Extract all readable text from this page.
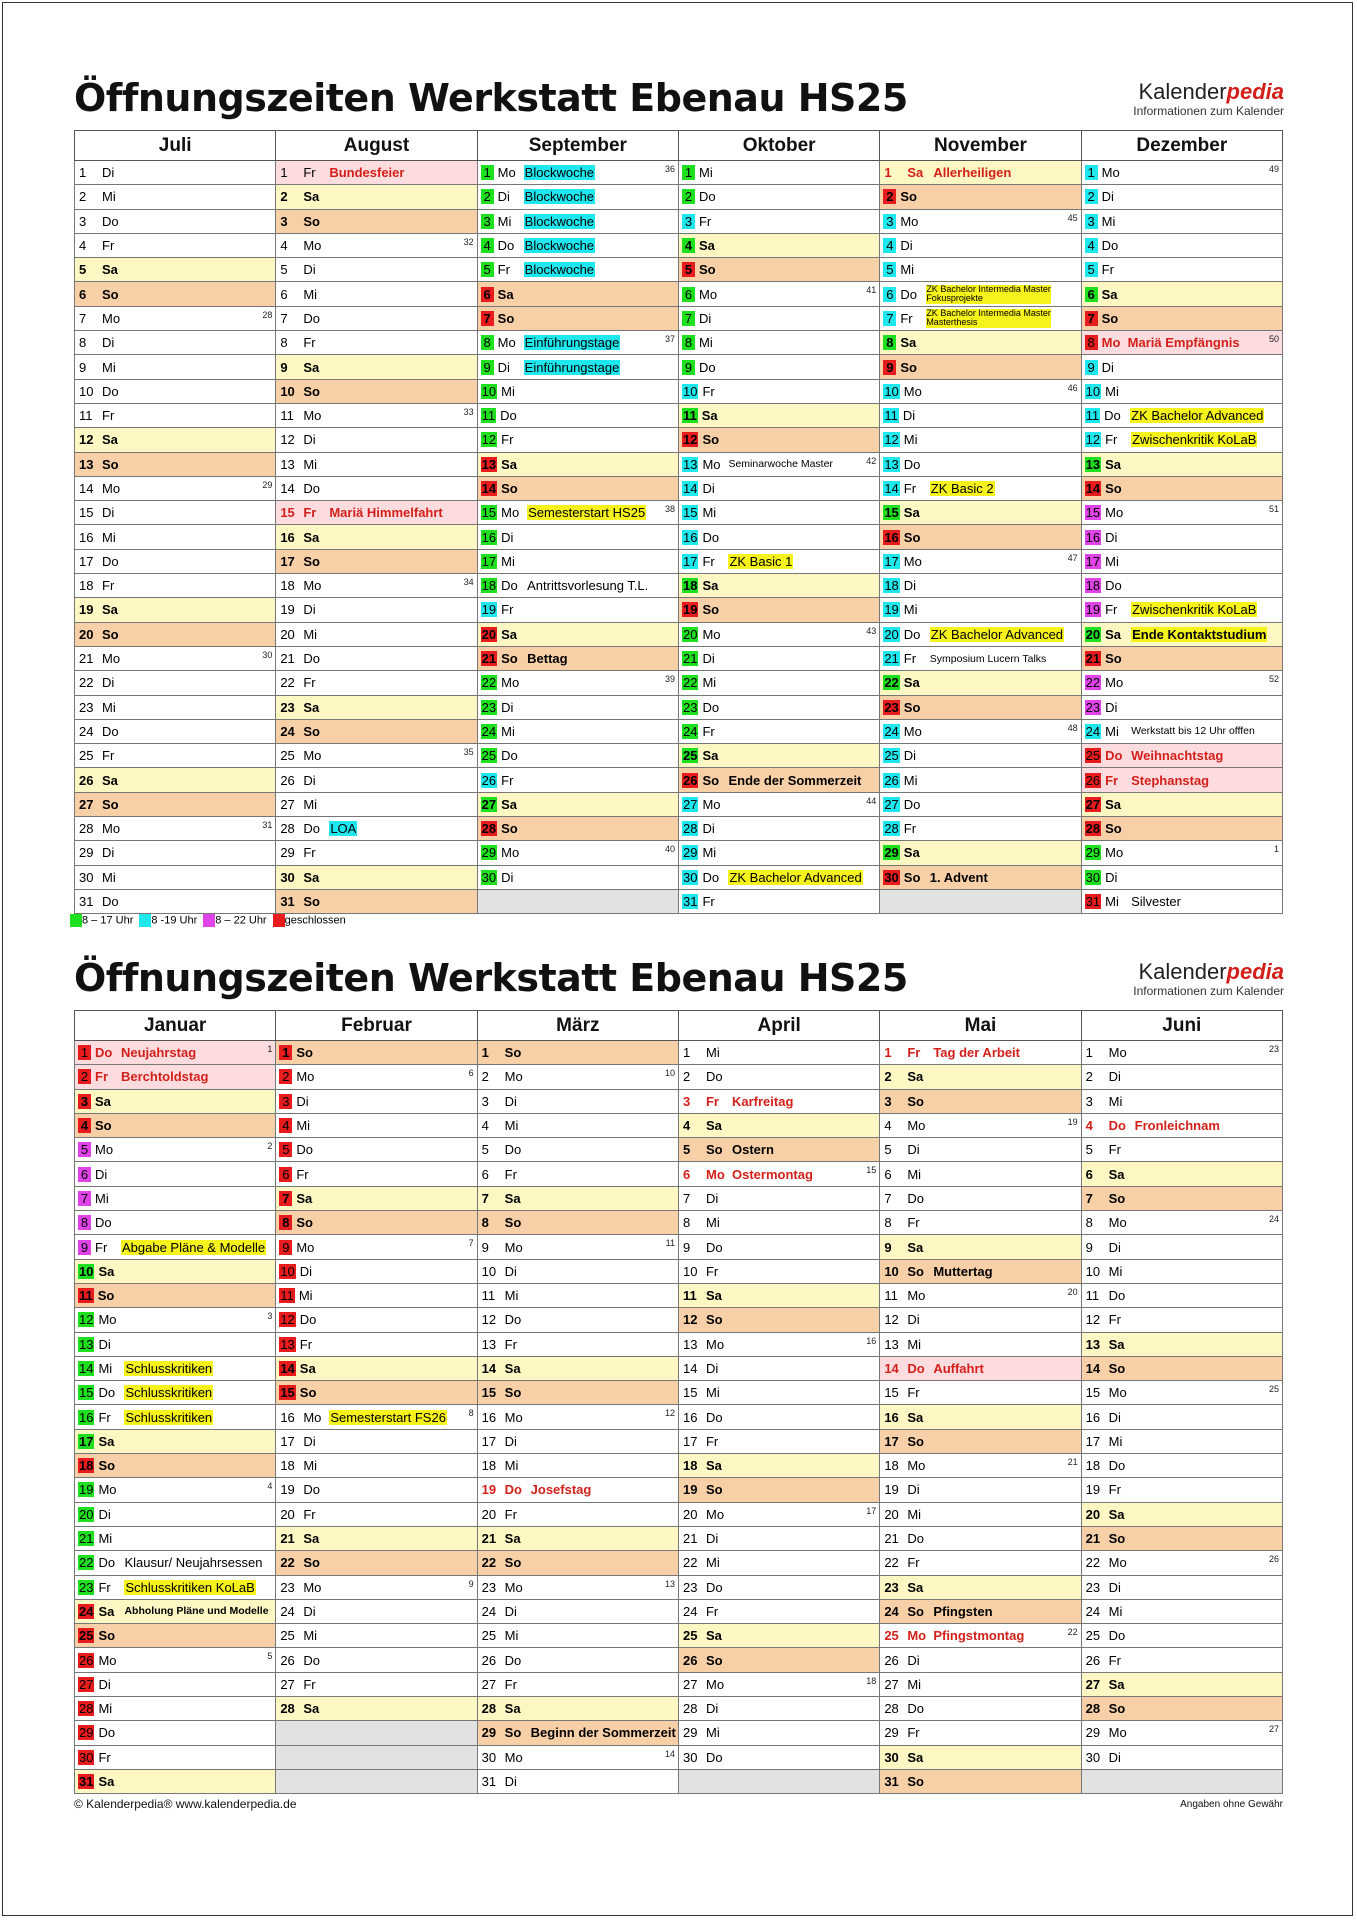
Öffnungszeiten Werkstatt Ebenau HS25	Kalenderpedia
Informationen zum Kalender
Juli	August	September	Oktober	November	Dezember

1 Di	1 Fr Bundesfeier	1 Mo Blockwoche 36	1 Mi	1 Sa Allerheiligen	1 Mo 49

2 Mi	2 Sa	2 Di Blockwoche	2 Do	2 So	2 Di

3 Do	3 So	3 Mi Blockwoche	3 Fr	3 Mo 45	3 Mi

4 Fr	4 Mo 32	4 Do Blockwoche	4 Sa	4 Di	4 Do

5 Sa	5 Di	5 Fr Blockwoche	5 So	5 Mi	5 Fr

6 So	6 Mi	6 Sa	6 Mo 41	6 Do ZK Bachelor Intermedia Master Fokusprojekte	6 Sa

7 Mo 28	7 Do	7 So	7 Di	7 Fr ZK Bachelor Intermedia Master Masterthesis	7 So

8 Di	8 Fr	8 Mo Einführungstage 37	8 Mi	8 Sa	8 Mo Mariä Empfängnis 50

9 Mi	9 Sa	9 Di Einführungstage	9 Do	9 So	9 Di

10 Do	10 So	10 Mi	10 Fr	10 Mo 46	10 Mi

11 Fr	11 Mo 33	11 Do	11 Sa	11 Di	11 Do ZK Bachelor Advanced

12 Sa	12 Di	12 Fr	12 So	12 Mi	12 Fr Zwischenkritik KoLaB

13 So	13 Mi	13 Sa	13 Mo Seminarwoche Master 42	13 Do	13 Sa

14 Mo 29	14 Do	14 So	14 Di	14 Fr ZK Basic 2	14 So

15 Di	15 Fr Mariä Himmelfahrt	15 Mo Semesterstart HS25 38	15 Mi	15 Sa	15 Mo 51

16 Mi	16 Sa	16 Di	16 Do	16 So	16 Di

17 Do	17 So	17 Mi	17 Fr ZK Basic 1	17 Mo 47	17 Mi

18 Fr	18 Mo 34	18 Do Antrittsvorlesung T.L.	18 Sa	18 Di	18 Do

19 Sa	19 Di	19 Fr	19 So	19 Mi	19 Fr Zwischenkritik KoLaB

20 So	20 Mi	20 Sa	20 Mo 43	20 Do ZK Bachelor Advanced	20 Sa Ende Kontaktstudium

21 Mo 30	21 Do	21 So Bettag	21 Di	21 Fr Symposium Lucern Talks	21 So

22 Di	22 Fr	22 Mo 39	22 Mi	22 Sa	22 Mo 52

23 Mi	23 Sa	23 Di	23 Do	23 So	23 Di

24 Do	24 So	24 Mi	24 Fr	24 Mo 48	24 Mi Werkstatt bis 12 Uhr offfen

25 Fr	25 Mo 35	25 Do	25 Sa	25 Di	25 Do Weihnachtstag

26 Sa	26 Di	26 Fr	26 So Ende der Sommerzeit	26 Mi	26 Fr Stephanstag

27 So	27 Mi	27 Sa	27 Mo 44	27 Do	27 Sa

28 Mo 31	28 Do LOA	28 So	28 Di	28 Fr	28 So

29 Di	29 Fr	29 Mo 40	29 Mi	29 Sa	29 Mo 1

30 Mi	30 Sa	30 Di	30 Do ZK Bachelor Advanced	30 So 1. Advent	30 Di

31 Do	31 So		31 Fr		31 Mi Silvester
8 – 17 Uhr	8 -19 Uhr	8 – 22 Uhr	geschlossen
Öffnungszeiten Werkstatt Ebenau HS25	Kalenderpedia
Informationen zum Kalender
Januar	Februar	März	April	Mai	Juni

1 Do Neujahrstag 1	1 So	1 So	1 Mi	1 Fr Tag der Arbeit	1 Mo 23

2 Fr Berchtoldstag	2 Mo 6	2 Mo 10	2 Do	2 Sa	2 Di

3 Sa	3 Di	3 Di	3 Fr Karfreitag	3 So	3 Mi

4 So	4 Mi	4 Mi	4 Sa	4 Mo 19	4 Do Fronleichnam

5 Mo 2	5 Do	5 Do	5 So Ostern	5 Di	5 Fr

6 Di	6 Fr	6 Fr	6 Mo Ostermontag 15	6 Mi	6 Sa

7 Mi	7 Sa	7 Sa	7 Di	7 Do	7 So

8 Do	8 So	8 So	8 Mi	8 Fr	8 Mo 24

9 Fr Abgabe Pläne & Modelle	9 Mo 7	9 Mo 11	9 Do	9 Sa	9 Di

10 Sa	10 Di	10 Di	10 Fr	10 So Muttertag	10 Mi

11 So	11 Mi	11 Mi	11 Sa	11 Mo 20	11 Do

12 Mo 3	12 Do	12 Do	12 So	12 Di	12 Fr

13 Di	13 Fr	13 Fr	13 Mo 16	13 Mi	13 Sa

14 Mi Schlusskritiken	14 Sa	14 Sa	14 Di	14 Do Auffahrt	14 So

15 Do Schlusskritiken	15 So	15 So	15 Mi	15 Fr	15 Mo 25

16 Fr Schlusskritiken	16 Mo Semesterstart FS26 8	16 Mo 12	16 Do	16 Sa	16 Di

17 Sa	17 Di	17 Di	17 Fr	17 So	17 Mi

18 So	18 Mi	18 Mi	18 Sa	18 Mo 21	18 Do

19 Mo 4	19 Do	19 Do Josefstag	19 So	19 Di	19 Fr

20 Di	20 Fr	20 Fr	20 Mo 17	20 Mi	20 Sa

21 Mi	21 Sa	21 Sa	21 Di	21 Do	21 So

22 Do Klausur/ Neujahrsessen	22 So	22 So	22 Mi	22 Fr	22 Mo 26

23 Fr Schlusskritiken KoLaB	23 Mo 9	23 Mo 13	23 Do	23 Sa	23 Di

24 Sa Abholung Pläne und Modelle	24 Di	24 Di	24 Fr	24 So Pfingsten	24 Mi

25 So	25 Mi	25 Mi	25 Sa	25 Mo Pfingstmontag 22	25 Do

26 Mo 5	26 Do	26 Do	26 So	26 Di	26 Fr

27 Di	27 Fr	27 Fr	27 Mo 18	27 Mi	27 Sa

28 Mi	28 Sa	28 Sa	28 Di	28 Do	28 So

29 Do		29 So Beginn der Sommerzeit	29 Mi	29 Fr	29 Mo 27

30 Fr		30 Mo 14	30 Do	30 Sa	30 Di

31 Sa		31 Di		31 So	

© Kalenderpedia® www.kalenderpedia.de	Angaben ohne Gewähr
